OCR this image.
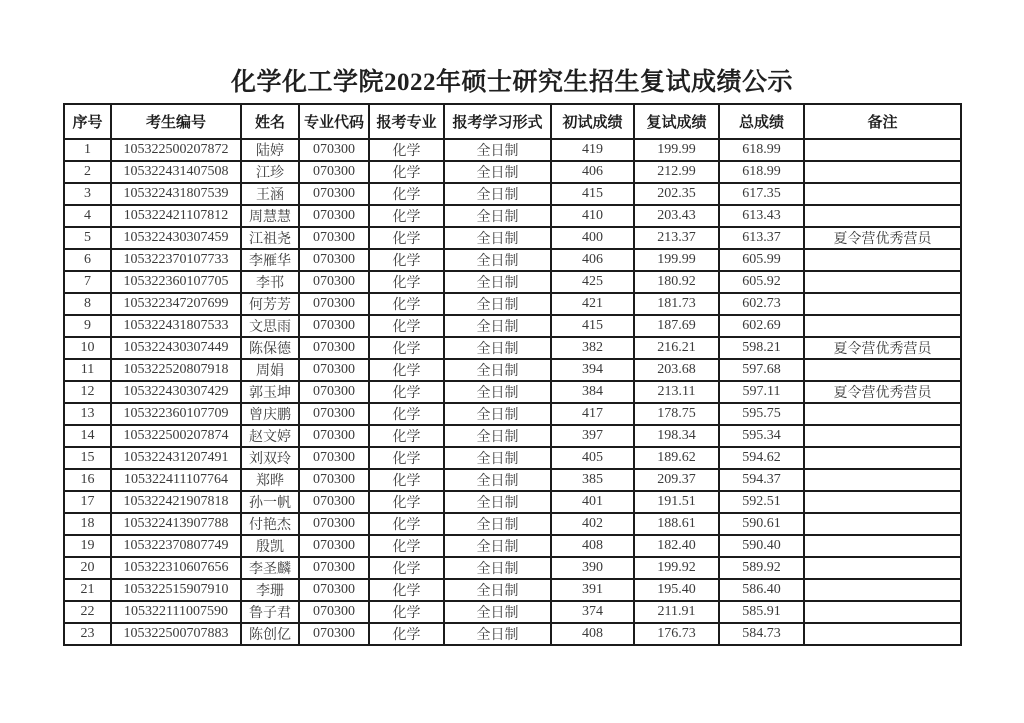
化学化工学院2022年硕士研究生招生复试成绩公示
序号	考生编号	姓名	专业代码	报考专业	报考学习形式	初试成绩	复试成绩	总成绩	备注
1	105322500207872	陆婷	070300	化学	全日制	419	199.99	618.99	
2	105322431407508	江珍	070300	化学	全日制	406	212.99	618.99	
3	105322431807539	王涵	070300	化学	全日制	415	202.35	617.35	
4	105322421107812	周慧慧	070300	化学	全日制	410	203.43	613.43	
5	105322430307459	江祖尧	070300	化学	全日制	400	213.37	613.37	夏令营优秀营员
6	105322370107733	李雁华	070300	化学	全日制	406	199.99	605.99	
7	105322360107705	李邗	070300	化学	全日制	425	180.92	605.92	
8	105322347207699	何芳芳	070300	化学	全日制	421	181.73	602.73	
9	105322431807533	文思雨	070300	化学	全日制	415	187.69	602.69	
10	105322430307449	陈保德	070300	化学	全日制	382	216.21	598.21	夏令营优秀营员
11	105322520807918	周娟	070300	化学	全日制	394	203.68	597.68	
12	105322430307429	郭玉坤	070300	化学	全日制	384	213.11	597.11	夏令营优秀营员
13	105322360107709	曾庆鹏	070300	化学	全日制	417	178.75	595.75	
14	105322500207874	赵文婷	070300	化学	全日制	397	198.34	595.34	
15	105322431207491	刘双玲	070300	化学	全日制	405	189.62	594.62	
16	105322411107764	郑晔	070300	化学	全日制	385	209.37	594.37	
17	105322421907818	孙一帆	070300	化学	全日制	401	191.51	592.51	
18	105322413907788	付艳杰	070300	化学	全日制	402	188.61	590.61	
19	105322370807749	殷凯	070300	化学	全日制	408	182.40	590.40	
20	105322310607656	李圣麟	070300	化学	全日制	390	199.92	589.92	
21	105322515907910	李珊	070300	化学	全日制	391	195.40	586.40	
22	105322111007590	鲁子君	070300	化学	全日制	374	211.91	585.91	
23	105322500707883	陈创亿	070300	化学	全日制	408	176.73	584.73	
